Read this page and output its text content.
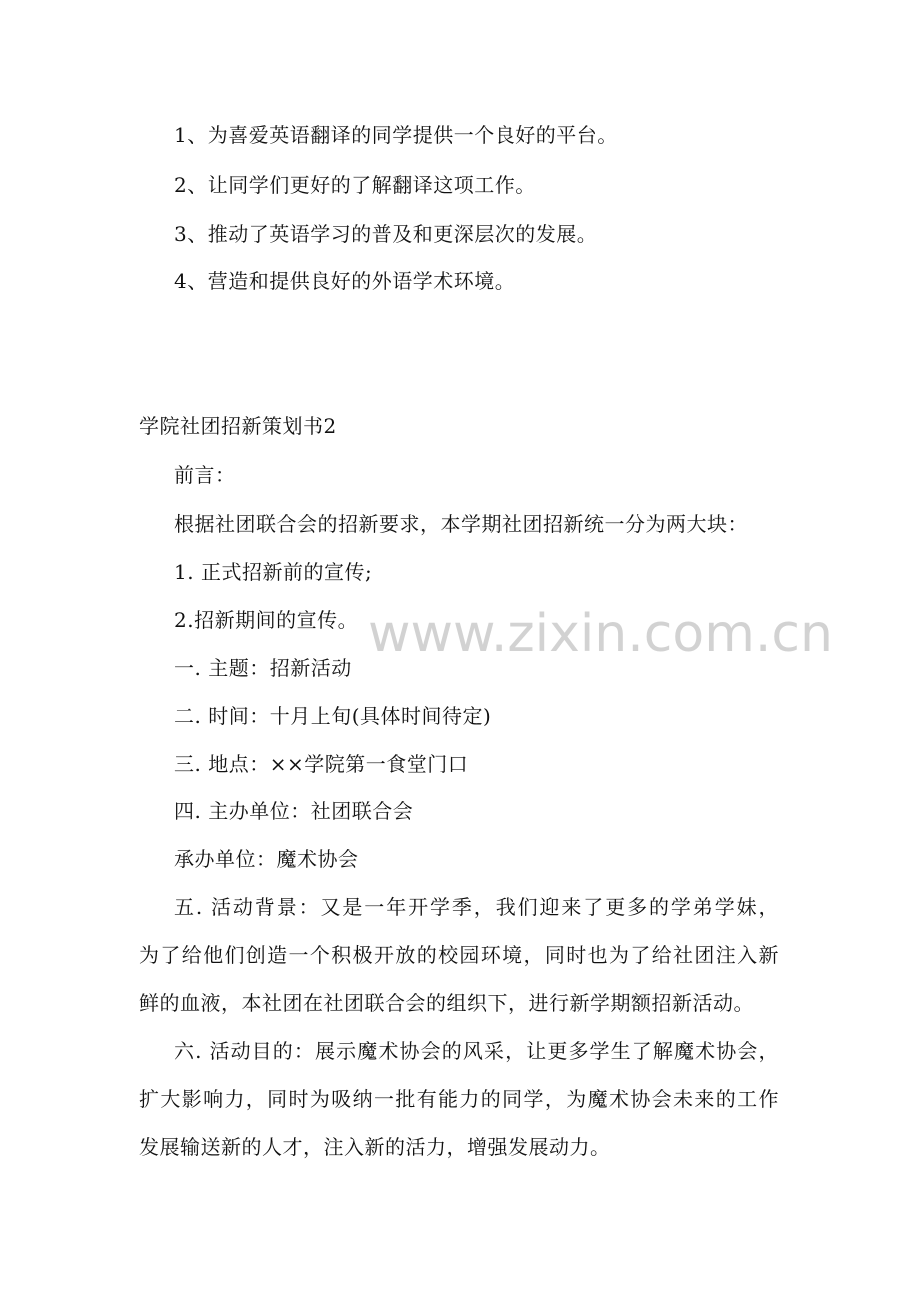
1、为喜爱英语翻译的同学提供一个良好的平台。
2、让同学们更好的了解翻译这项工作。
3、推动了英语学习的普及和更深层次的发展。
4、营造和提供良好的外语学术环境。
学院社团招新策划书2
前言：
根据社团联合会的招新要求，本学期社团招新统一分为两大块：
1. 正式招新前的宣传;
2.招新期间的宣传。
一. 主题：招新活动
二. 时间：十月上旬(具体时间待定)
三. 地点：××学院第一食堂门口
四. 主办单位：社团联合会
承办单位：魔术协会
五. 活动背景：又是一年开学季，我们迎来了更多的学弟学妹，
为了给他们创造一个积极开放的校园环境，同时也为了给社团注入新
鲜的血液，本社团在社团联合会的组织下，进行新学期额招新活动。
六. 活动目的：展示魔术协会的风采，让更多学生了解魔术协会，
扩大影响力，同时为吸纳一批有能力的同学，为魔术协会未来的工作
发展输送新的人才，注入新的活力，增强发展动力。
www.zixin.com.cn
